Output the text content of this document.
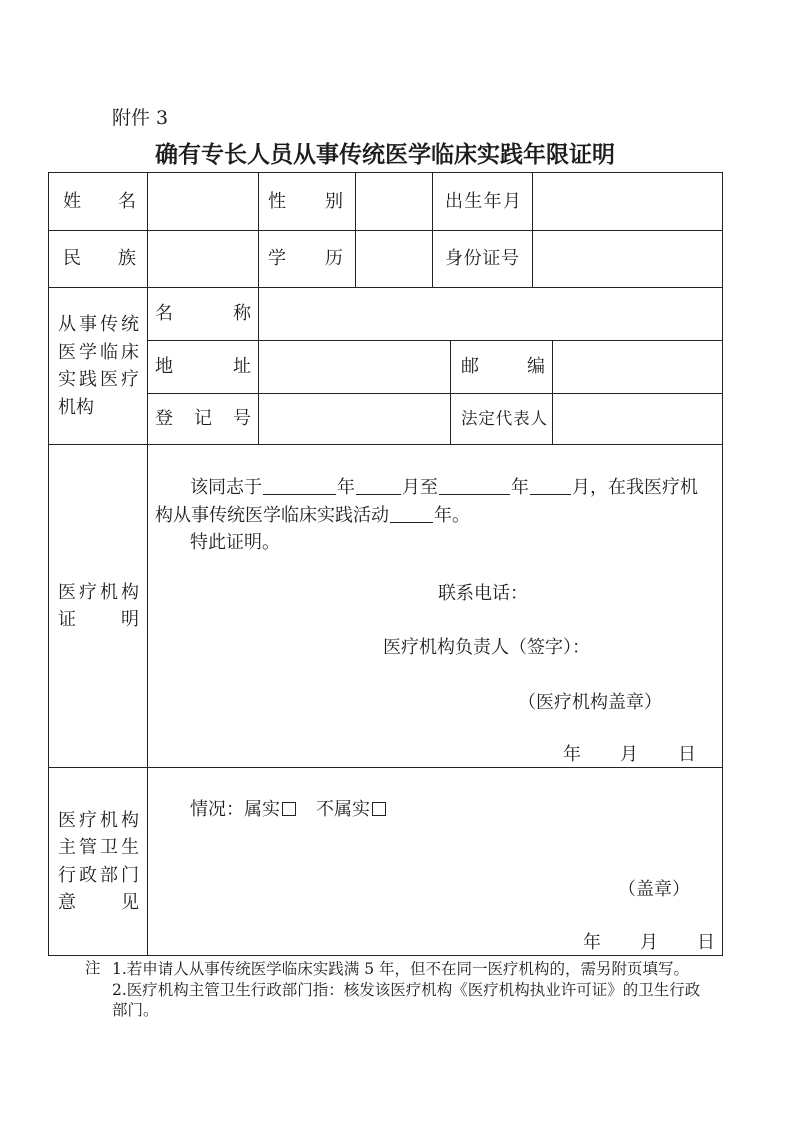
附件 3
确有专长人员从事传统医学临床实践年限证明
姓 名	性 别	出生年月
民 族	学 历	身份证号
从事传统
医学临床
实践医疗
机构
名 称
地 址	邮 编
登 记 号	法定代表人
医疗机构
证 明
该同志于	年	月至	年 月，在我医疗机
构从事传统医学临床实践活动	年。
特此证明。
联系电话：
医疗机构负责人（签字）：
（医疗机构盖章）
年 月 日
医疗机构
主管卫生
行政部门
意 见
情况：属实 不属实
（盖章）
年 月 日
注 1.若申请人从事传统医学临床实践满 5 年，但不在同一医疗机构的，需另附页填写。
2.医疗机构主管卫生行政部门指：核发该医疗机构《医疗机构执业许可证》的卫生行政
部门。
